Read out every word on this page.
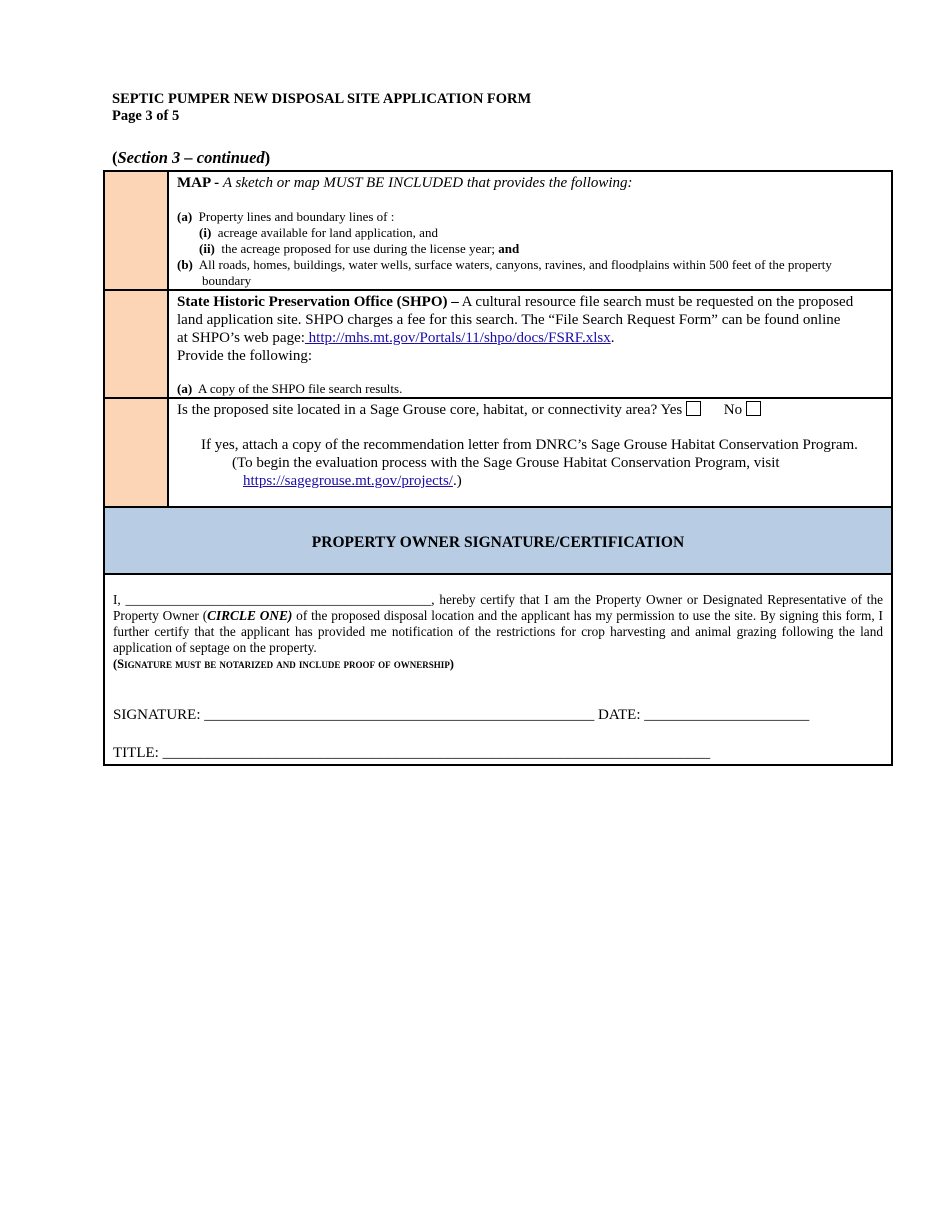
SEPTIC PUMPER NEW DISPOSAL SITE APPLICATION FORM
Page 3 of 5
(Section 3 – continued)
MAP - A sketch or map MUST BE INCLUDED that provides the following:
(a) Property lines and boundary lines of :
(i) acreage available for land application, and
(ii) the acreage proposed for use during the license year; and
(b) All roads, homes, buildings, water wells, surface waters, canyons, ravines, and floodplains within 500 feet of the property
boundary
State Historic Preservation Office (SHPO) – A cultural resource file search must be requested on the proposed
land application site. SHPO charges a fee for this search. The “File Search Request Form” can be found online
at SHPO’s web page: http://mhs.mt.gov/Portals/11/shpo/docs/FSRF.xlsx.
Provide the following:
(a) A copy of the SHPO file search results.
Is the proposed site located in a Sage Grouse core, habitat, or connectivity area? Yes	No
If yes, attach a copy of the recommendation letter from DNRC’s Sage Grouse Habitat Conservation Program.
(To begin the evaluation process with the Sage Grouse Habitat Conservation Program, visit
https://sagegrouse.mt.gov/projects/.)
PROPERTY OWNER SIGNATURE/CERTIFICATION
I, ______________________________________________, hereby certify that I am the Property Owner or Designated Representative of the Property Owner (CIRCLE ONE) of the proposed disposal location and the applicant has my permission to use the site. By signing this form, I further certify that the applicant has provided me notification of the restrictions for crop harvesting and animal grazing following the land application of septage on the property.
(Signature must be notarized and include proof of ownership)
SIGNATURE: ____________________________________________________ DATE: ______________________
TITLE: _________________________________________________________________________
